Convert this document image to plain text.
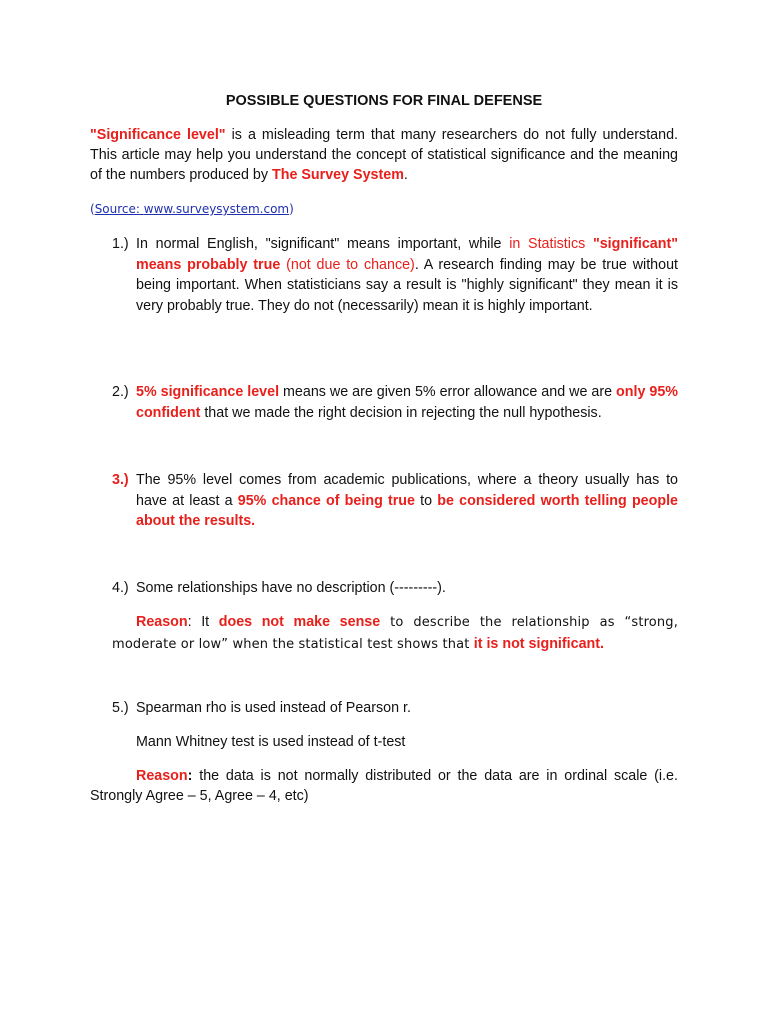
POSSIBLE QUESTIONS FOR FINAL DEFENSE
"Significance level" is a misleading term that many researchers do not fully understand. This article may help you understand the concept of statistical significance and the meaning of the numbers produced by The Survey System.
(Source: www.surveysystem.com)
1.) In normal English, "significant" means important, while in Statistics "significant" means probably true (not due to chance). A research finding may be true without being important. When statisticians say a result is "highly significant" they mean it is very probably true. They do not (necessarily) mean it is highly important.
2.) 5% significance level means we are given 5% error allowance and we are only 95% confident that we made the right decision in rejecting the null hypothesis.
3.) The 95% level comes from academic publications, where a theory usually has to have at least a 95% chance of being true to be considered worth telling people about the results.
4.) Some relationships have no description (---------).
Reason: It does not make sense to describe the relationship as “strong, moderate or low” when the statistical test shows that it is not significant.
5.) Spearman rho is used instead of Pearson r.
Mann Whitney test is used instead of t-test
Reason: the data is not normally distributed or the data are in ordinal scale (i.e.
Strongly Agree – 5, Agree – 4, etc)
